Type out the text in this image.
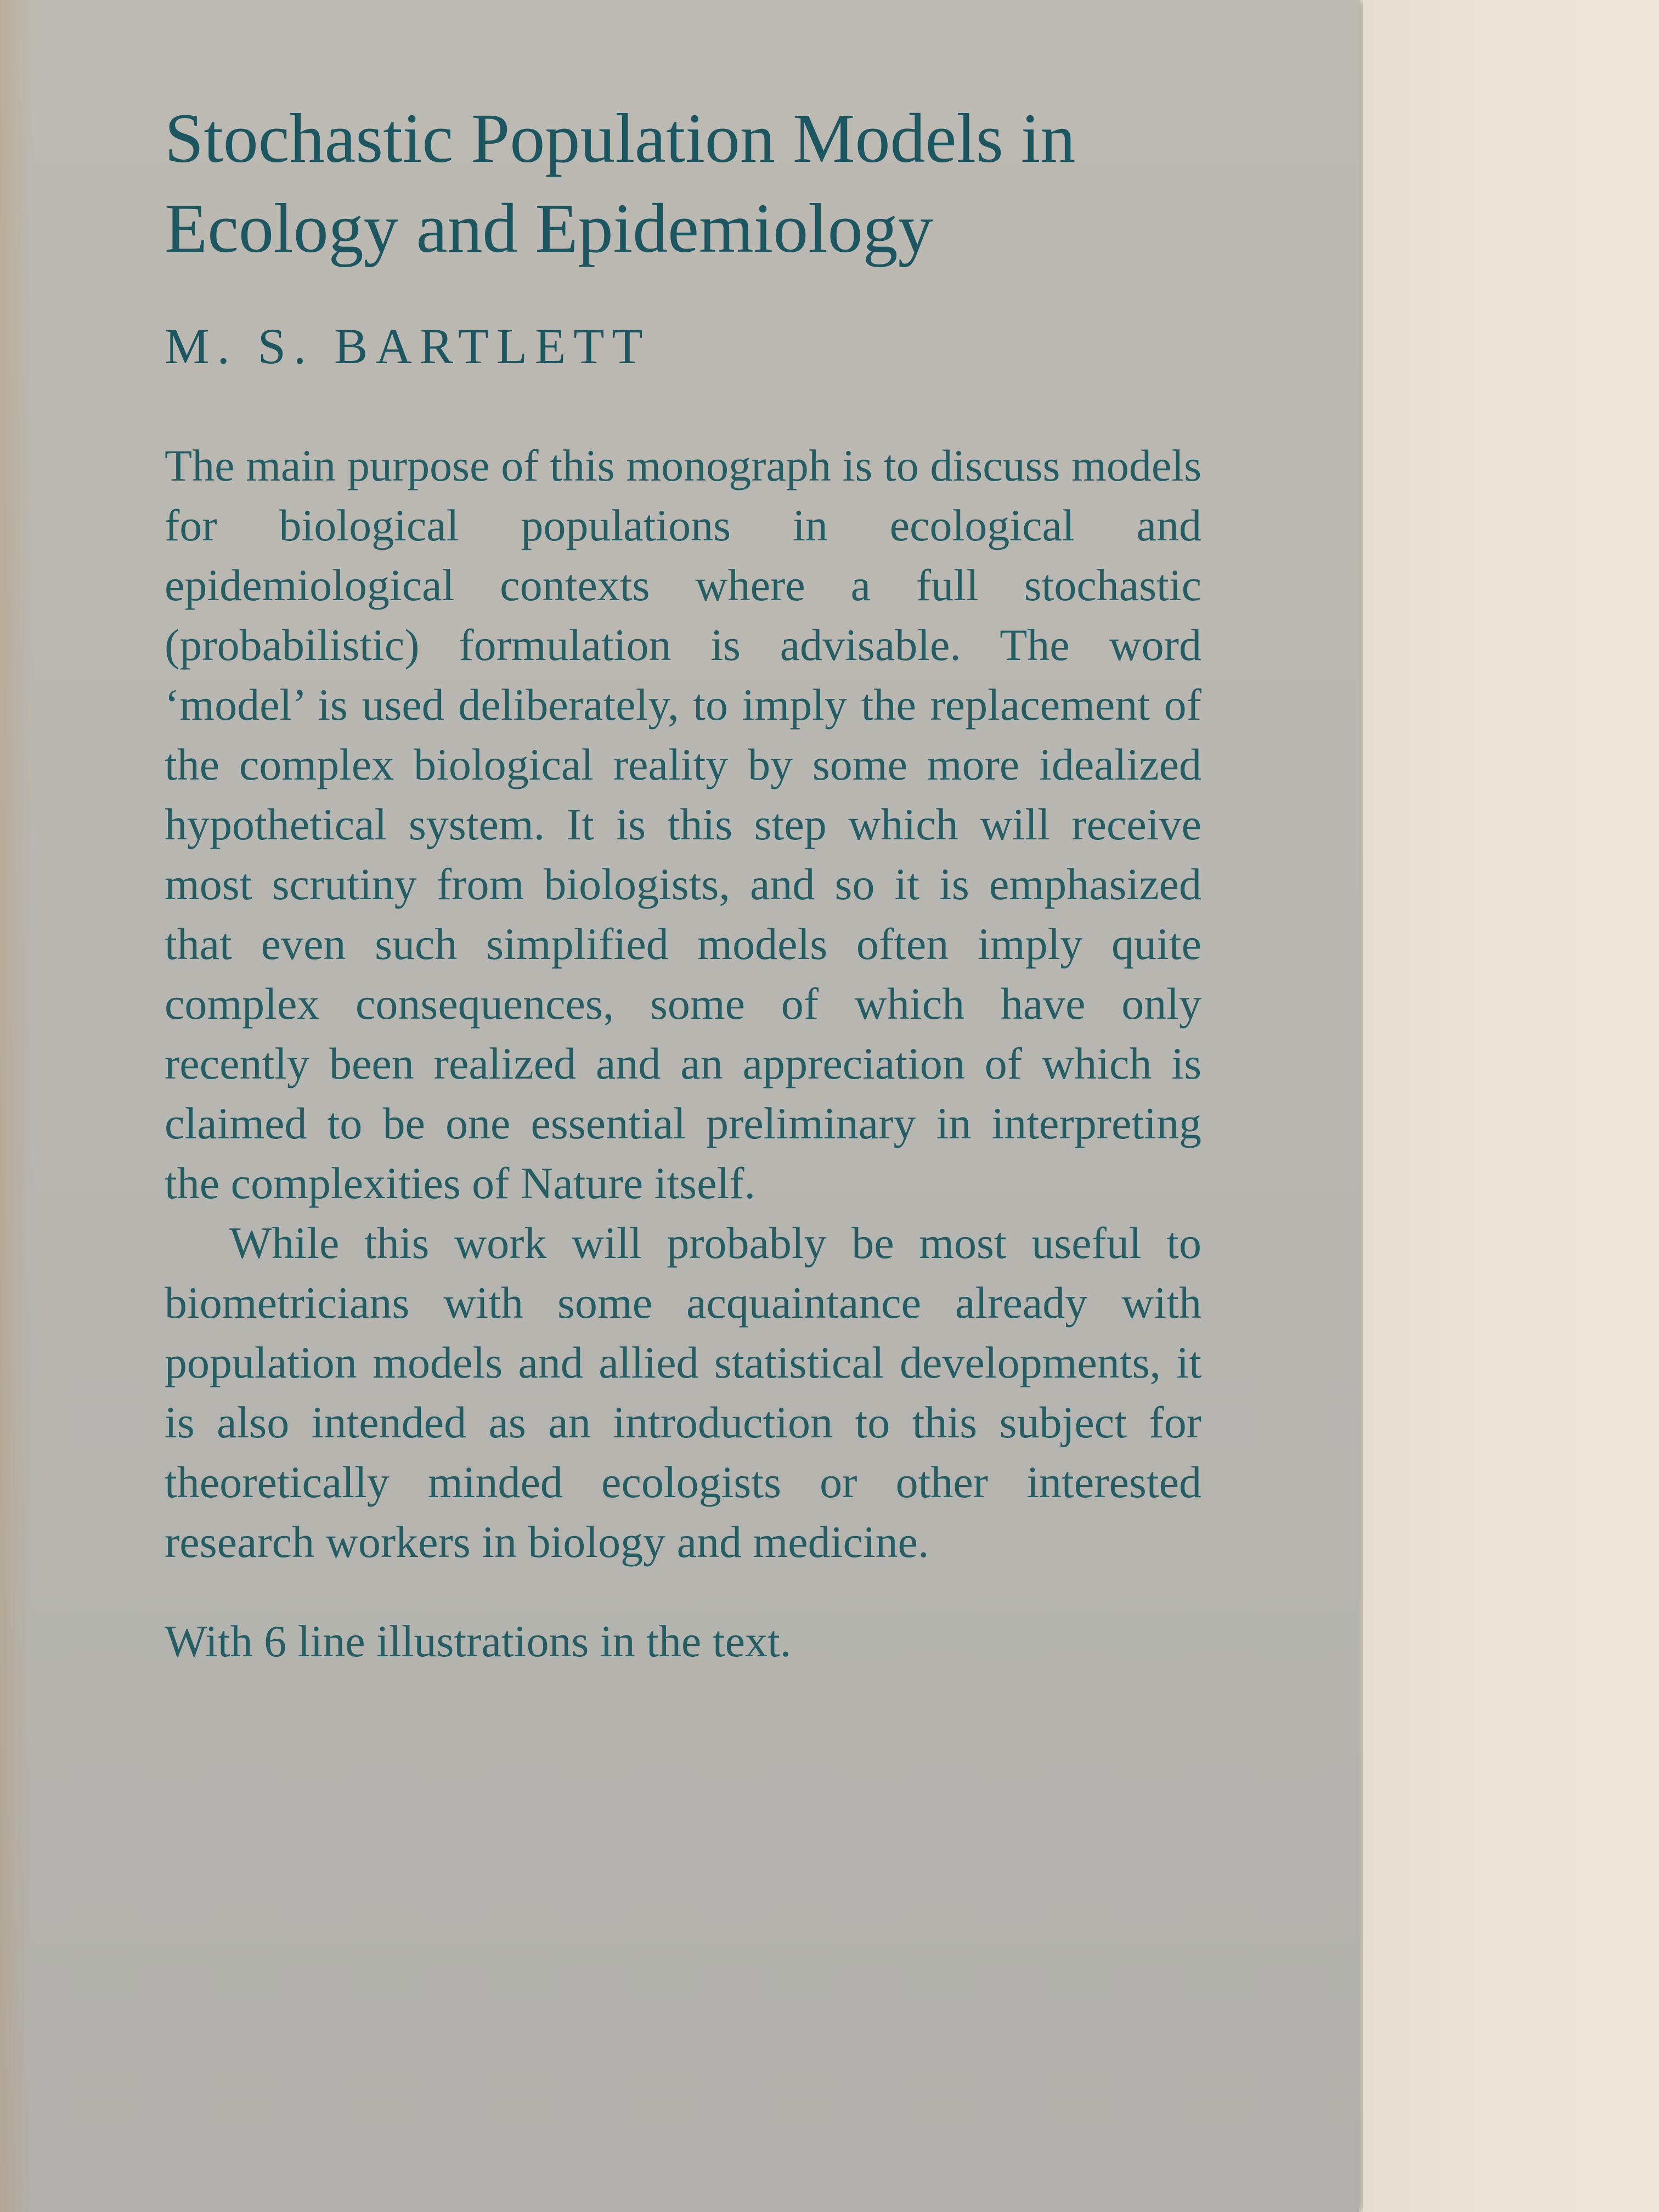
Stochastic Population Models in Ecology and Epidemiology
M. S. BARTLETT

The main purpose of this monograph is to discuss models for biological populations in ecological and epidemiological contexts where a full stochastic (probabilistic) formulation is advisable. The word ‘model’ is used deliberately, to imply the replacement of the complex biological reality by some more idealized hypothetical system. It is this step which will receive most scrutiny from biologists, and so it is emphasized that even such simplified models often imply quite complex consequences, some of which have only recently been realized and an appreciation of which is claimed to be one essential preliminary in interpreting the complexities of Nature itself.

While this work will probably be most useful to biometricians with some acquaintance already with population models and allied statistical developments, it is also intended as an introduction to this subject for theoretically minded ecologists or other interested research workers in biology and medicine.

With 6 line illustrations in the text.
